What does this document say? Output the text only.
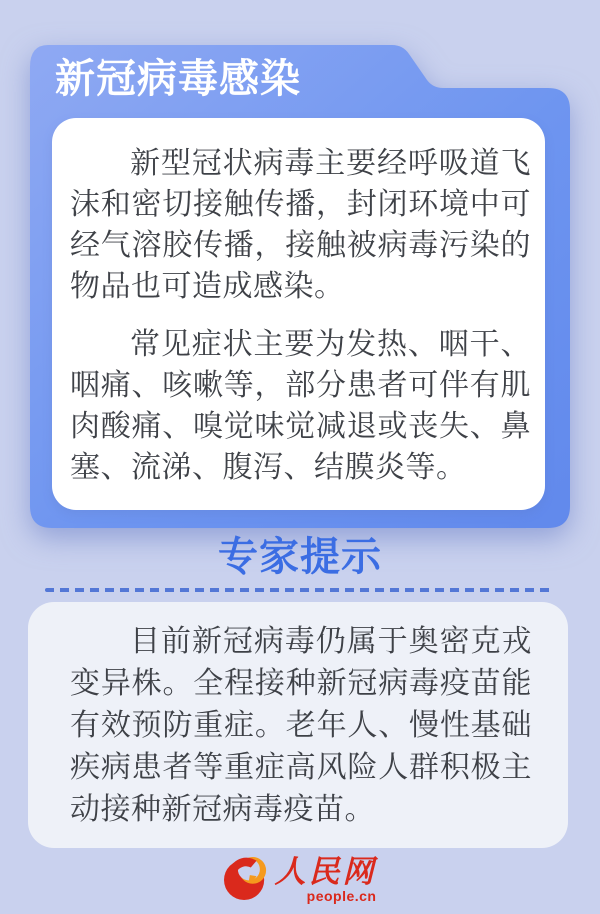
新冠病毒感染

新型冠状病毒主要经呼吸道飞沫和密切接触传播，封闭环境中可经气溶胶传播，接触被病毒污染的物品也可造成感染。

常见症状主要为发热、咽干、咽痛、咳嗽等，部分患者可伴有肌肉酸痛、嗅觉味觉减退或丧失、鼻塞、流涕、腹泻、结膜炎等。

专家提示

目前新冠病毒仍属于奥密克戎变异株。全程接种新冠病毒疫苗能有效预防重症。老年人、慢性基础疾病患者等重症高风险人群积极主动接种新冠病毒疫苗。

人民网
people.cn
